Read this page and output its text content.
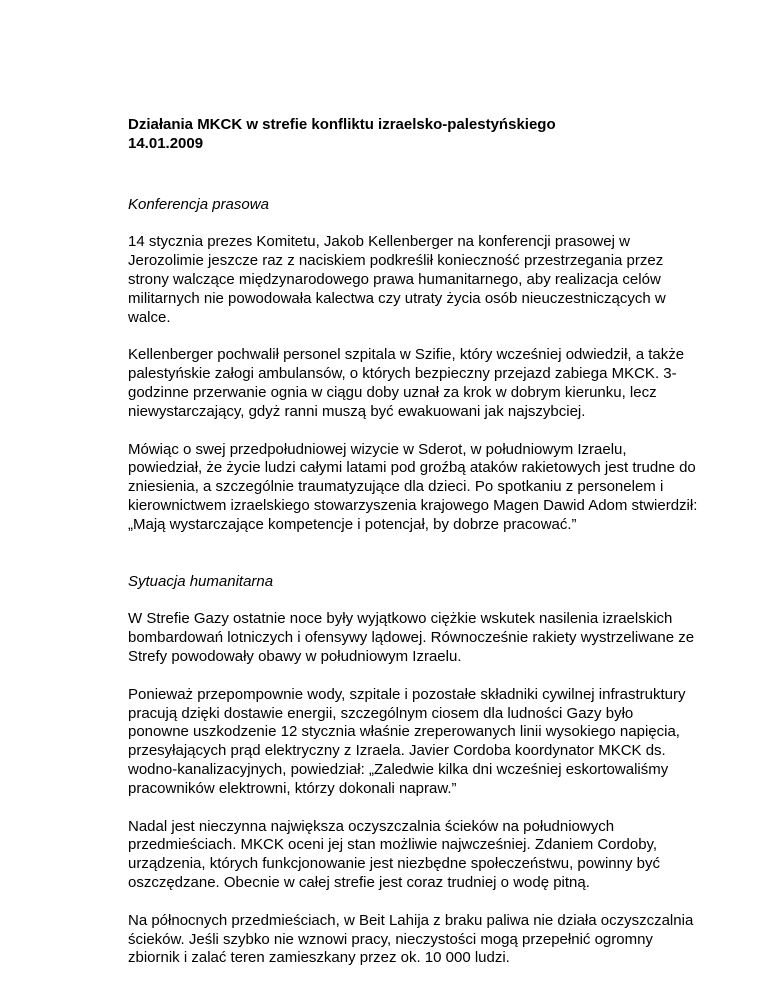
Działania MKCK w strefie konfliktu izraelsko-palestyńskiego
14.01.2009
Konferencja prasowa

14 stycznia prezes Komitetu, Jakob Kellenberger na konferencji prasowej w Jerozolimie jeszcze raz z naciskiem podkreślił konieczność przestrzegania przez strony walczące międzynarodowego prawa humanitarnego, aby realizacja celów militarnych nie powodowała kalectwa czy utraty życia osób nieuczestniczących w walce.

Kellenberger pochwalił personel szpitala w Szifie, który wcześniej odwiedził, a także palestyńskie załogi ambulansów, o których bezpieczny przejazd zabiega MKCK. 3-godzinne przerwanie ognia w ciągu doby uznał za krok w dobrym kierunku, lecz niewystarczający, gdyż ranni muszą być ewakuowani jak najszybciej.

Mówiąc o swej przedpołudniowej wizycie w Sderot, w południowym Izraelu, powiedział, że życie ludzi całymi latami pod groźbą ataków rakietowych jest trudne do zniesienia, a szczególnie traumatyzujące dla dzieci. Po spotkaniu z personelem i kierownictwem izraelskiego stowarzyszenia krajowego Magen Dawid Adom stwierdził: „Mają wystarczające kompetencje i potencjał, by dobrze pracować.”

Sytuacja humanitarna

W Strefie Gazy ostatnie noce były wyjątkowo ciężkie wskutek nasilenia izraelskich bombardowań lotniczych i ofensywy lądowej. Równocześnie rakiety wystrzeliwane ze Strefy powodowały obawy w południowym Izraelu.

Ponieważ przepompownie wody, szpitale i pozostałe składniki cywilnej infrastruktury pracują dzięki dostawie energii, szczególnym ciosem dla ludności Gazy było ponowne uszkodzenie 12 stycznia właśnie zreperowanych linii wysokiego napięcia, przesyłających prąd elektryczny z Izraela. Javier Cordoba koordynator MKCK ds. wodno-kanalizacyjnych, powiedział: „Zaledwie kilka dni wcześniej eskortowaliśmy pracowników elektrowni, którzy dokonali napraw.”

Nadal jest nieczynna największa oczyszczalnia ścieków na południowych przedmieściach. MKCK oceni jej stan możliwie najwcześniej. Zdaniem Cordoby, urządzenia, których funkcjonowanie jest niezbędne społeczeństwu, powinny być oszczędzane. Obecnie w całej strefie jest coraz trudniej o wodę pitną.

Na północnych przedmieściach, w Beit Lahija z braku paliwa nie działa oczyszczalnia ścieków. Jeśli szybko nie wznowi pracy, nieczystości mogą przepełnić ogromny zbiornik i zalać teren zamieszkany przez ok. 10 000 ludzi.
